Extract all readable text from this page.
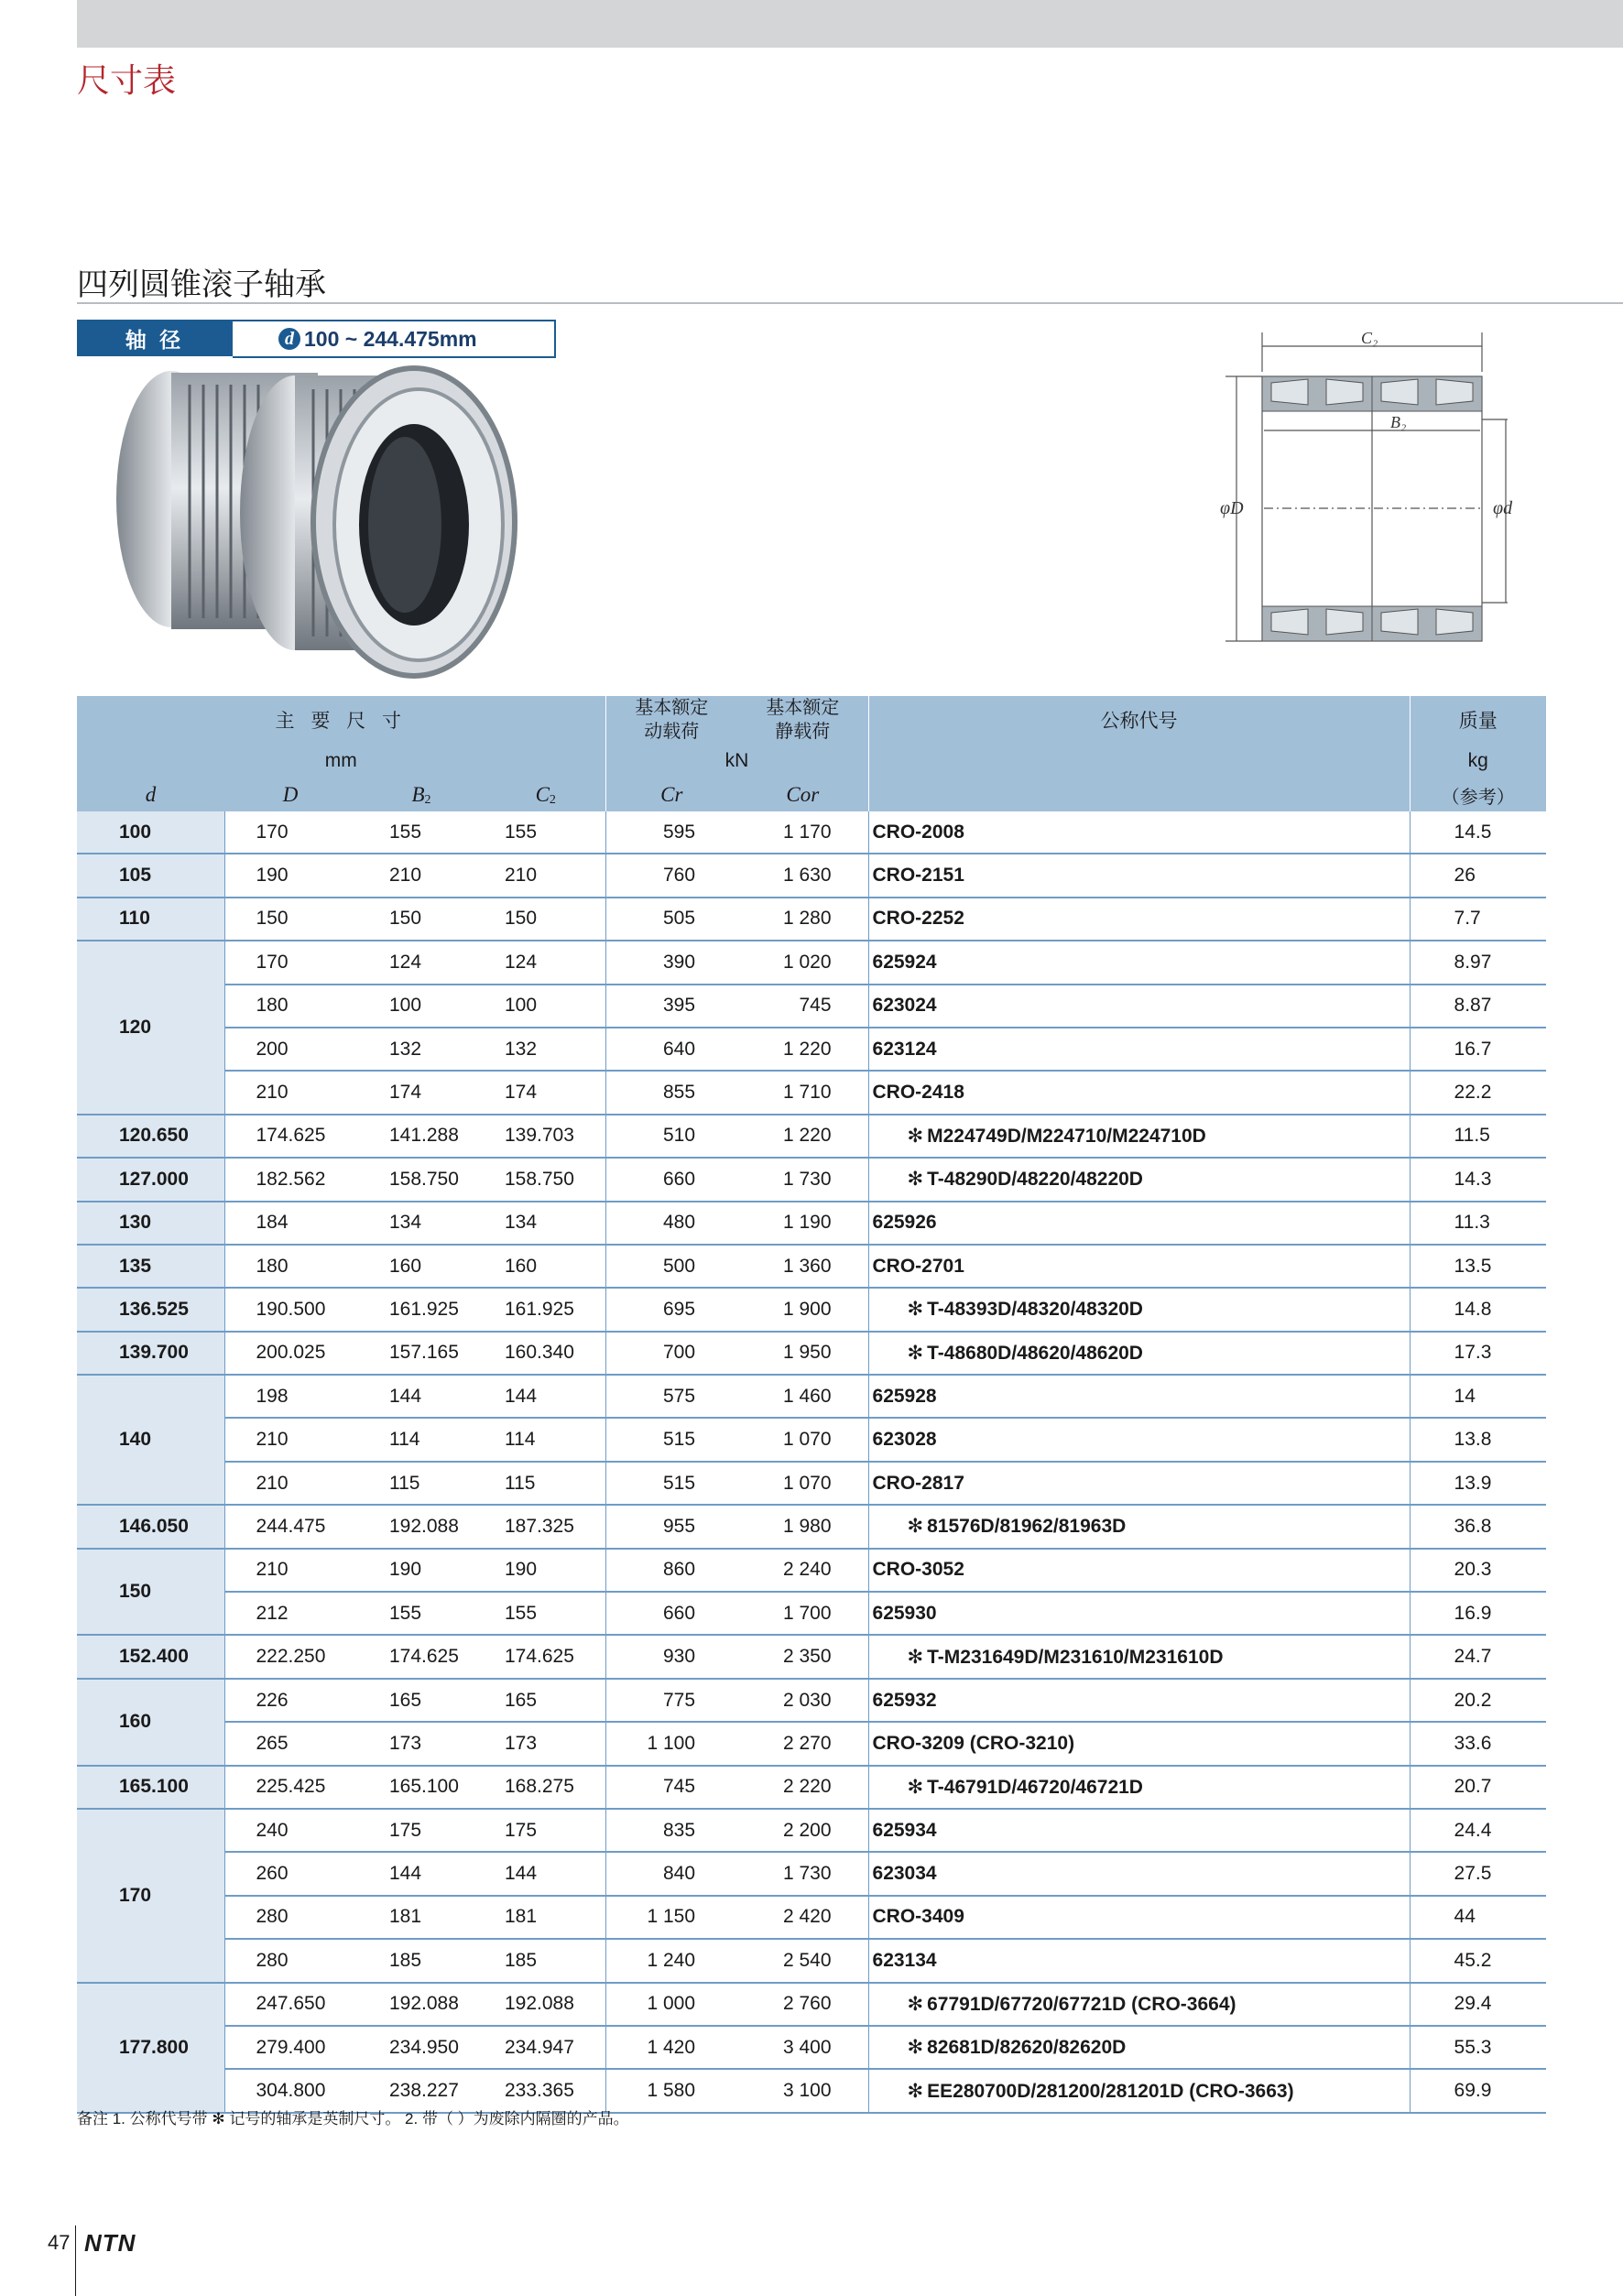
尺寸表
四列圆锥滚子轴承
轴 径	d 100 ~ 244.475mm	C₂
B₂
φD	φd
主 要 尺 寸				基本额定
动载荷	基本额定
静载荷	公称代号	质量
mm				kN			kg
d	D	B2	C2	Cr	Cor		（参考）
100	170	155	155	595	1 170	CRO-2008	14.5
105	190	210	210	760	1 630	CRO-2151	26
110	150	150	150	505	1 280	CRO-2252	7.7
120	170	124	124	390	1 020	625924	8.97
	180	100	100	395	745	623024	8.87
	200	132	132	640	1 220	623124	16.7
	210	174	174	855	1 710	CRO-2418	22.2
120.650	174.625	141.288	139.703	510	1 220	✻ M224749D/M224710/M224710D	11.5
127.000	182.562	158.750	158.750	660	1 730	✻ T-48290D/48220/48220D	14.3
130	184	134	134	480	1 190	625926	11.3
135	180	160	160	500	1 360	CRO-2701	13.5
136.525	190.500	161.925	161.925	695	1 900	✻ T-48393D/48320/48320D	14.8
139.700	200.025	157.165	160.340	700	1 950	✻ T-48680D/48620/48620D	17.3
140	198	144	144	575	1 460	625928	14
	210	114	114	515	1 070	623028	13.8
	210	115	115	515	1 070	CRO-2817	13.9
146.050	244.475	192.088	187.325	955	1 980	✻ 81576D/81962/81963D	36.8
150	210	190	190	860	2 240	CRO-3052	20.3
	212	155	155	660	1 700	625930	16.9
152.400	222.250	174.625	174.625	930	2 350	✻ T-M231649D/M231610/M231610D	24.7
160	226	165	165	775	2 030	625932	20.2
	265	173	173	1 100	2 270	CRO-3209 (CRO-3210)	33.6
165.100	225.425	165.100	168.275	745	2 220	✻ T-46791D/46720/46721D	20.7
170	240	175	175	835	2 200	625934	24.4
	260	144	144	840	1 730	623034	27.5
	280	181	181	1 150	2 420	CRO-3409	44
	280	185	185	1 240	2 540	623134	45.2
177.800	247.650	192.088	192.088	1 000	2 760	✻ 67791D/67720/67721D (CRO-3664)	29.4
	279.400	234.950	234.947	1 420	3 400	✻ 82681D/82620/82620D	55.3
	304.800	238.227	233.365	1 580	3 100	✻ EE280700D/281200/281201D (CRO-3663)	69.9
备注 1. 公称代号带 ✻ 记号的轴承是英制尺寸。 2. 带（ ）为废除内隔圈的产品。
47 NTN
